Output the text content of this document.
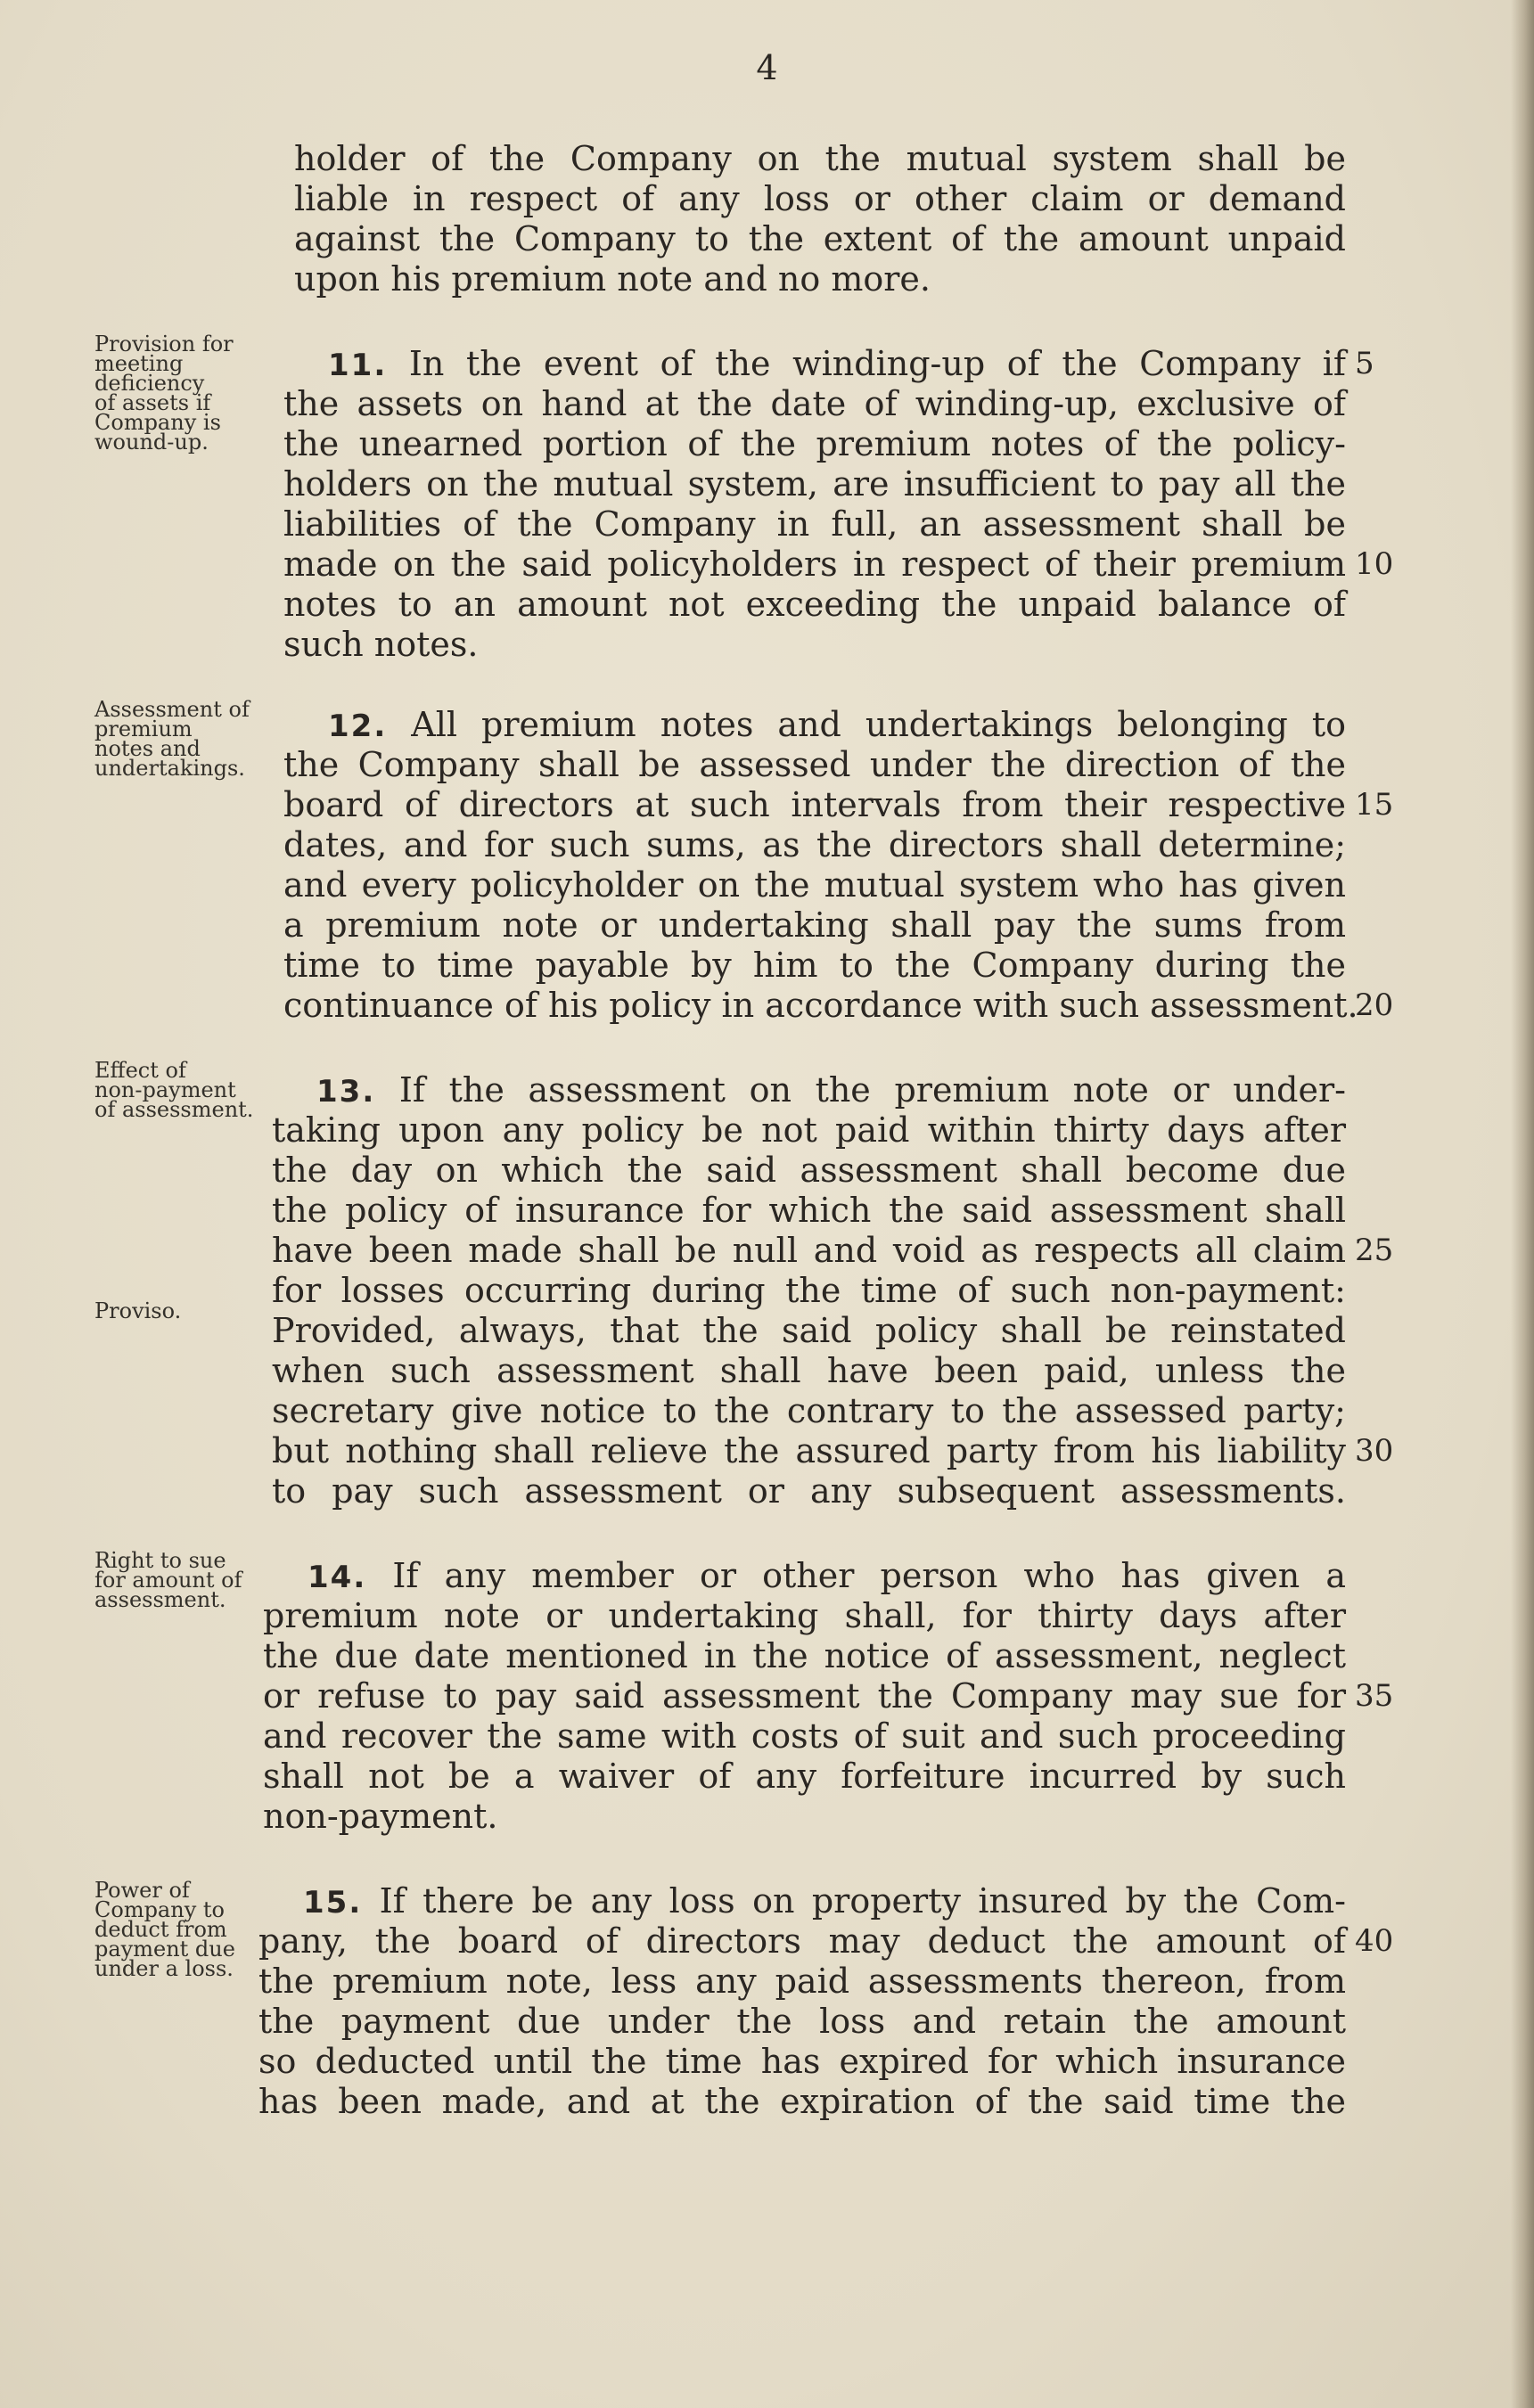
4
Provision for
meeting
deficiency
of assets if
Company is
wound-up.
Assessment of
premium
notes and
undertakings.
Effect of
non-payment
of assessment.
Proviso.
Right to sue
for amount of
assessment.
Power of
Company to
deduct from
payment due
under a loss.
holder of the Company on the mutual system shall be
liable in respect of any loss or other claim or demand
against the Company to the extent of the amount unpaid
upon his premium note and no more.
11. In the event of the winding-up of the Company if 5
the assets on hand at the date of winding-up, exclusive of
the unearned portion of the premium notes of the policy-
holders on the mutual system, are insufficient to pay all the
liabilities of the Company in full, an assessment shall be
made on the said policyholders in respect of their premium 10
notes to an amount not exceeding the unpaid balance of
such notes.
12. All premium notes and undertakings belonging to
the Company shall be assessed under the direction of the
board of directors at such intervals from their respective 15
dates, and for such sums, as the directors shall determine;
and every policyholder on the mutual system who has given
a premium note or undertaking shall pay the sums from
time to time payable by him to the Company during the
continuance of his policy in accordance with such assessment.
20
13. If the assessment on the premium note or under-
taking upon any policy be not paid within thirty days after
the day on which the said assessment shall become due
the policy of insurance for which the said assessment shall
have been made shall be null and void as respects all claim 25
for losses occurring during the time of such non-payment:
Provided, always, that the said policy shall be reinstated
when such assessment shall have been paid, unless the
secretary give notice to the contrary to the assessed party;
but nothing shall relieve the assured party from his liability 30
to pay such assessment or any subsequent assessments.
14. If any member or other person who has given a
premium note or undertaking shall, for thirty days after
the due date mentioned in the notice of assessment, neglect
or refuse to pay said assessment the Company may sue for 35
and recover the same with costs of suit and such proceeding
shall not be a waiver of any forfeiture incurred by such
non-payment.
15. If there be any loss on property insured by the Com-
pany, the board of directors may deduct the amount of 40
the premium note, less any paid assessments thereon, from
the payment due under the loss and retain the amount
so deducted until the time has expired for which insurance
has been made, and at the expiration of the said time the
